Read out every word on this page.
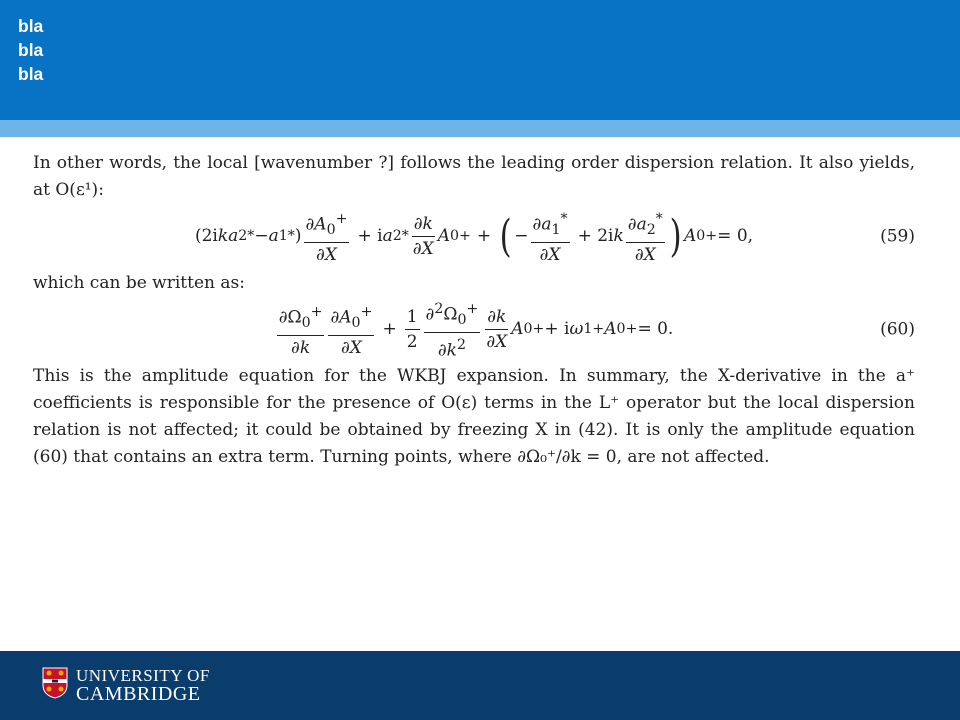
bla
bla
bla

In other words, the local [wavenumber ?] follows the leading order dispersion relation. It also yields, at O(ε¹):

(2i k a 2 * − a 1 * ) $\frac{\partial A_0^+}{\partial X} + i$ a $2 * \frac{\partial k}{\partial X}$ A 0 + + ( − $\frac{\partial a_1^*}{\partial X} + 2i$ k $\frac{\partial a_2^*}{\partial X}$ ) A 0 + = 0,	(59)

which can be written as:

$\frac{\partial\Omega_0^+}{\partial k} \frac{\partial A_0^+}{\partial X} + \frac{1}{2} \frac{\partial^2\Omega_0^+}{\partial k^2} \frac{\partial k}{\partial X}$ A 0 + + i ω 1 + A 0 + = 0.	(60)

This is the amplitude equation for the WKBJ expansion. In summary, the X-derivative in the a⁺ coefficients is responsible for the presence of O(ε) terms in the L⁺ operator but the local dispersion relation is not affected; it could be obtained by freezing X in (42). It is only the amplitude equation (60) that contains an extra term. Turning points, where ∂Ω₀⁺/∂k = 0, are not affected.

UNIVERSITY OF
CAMBRIDGE
